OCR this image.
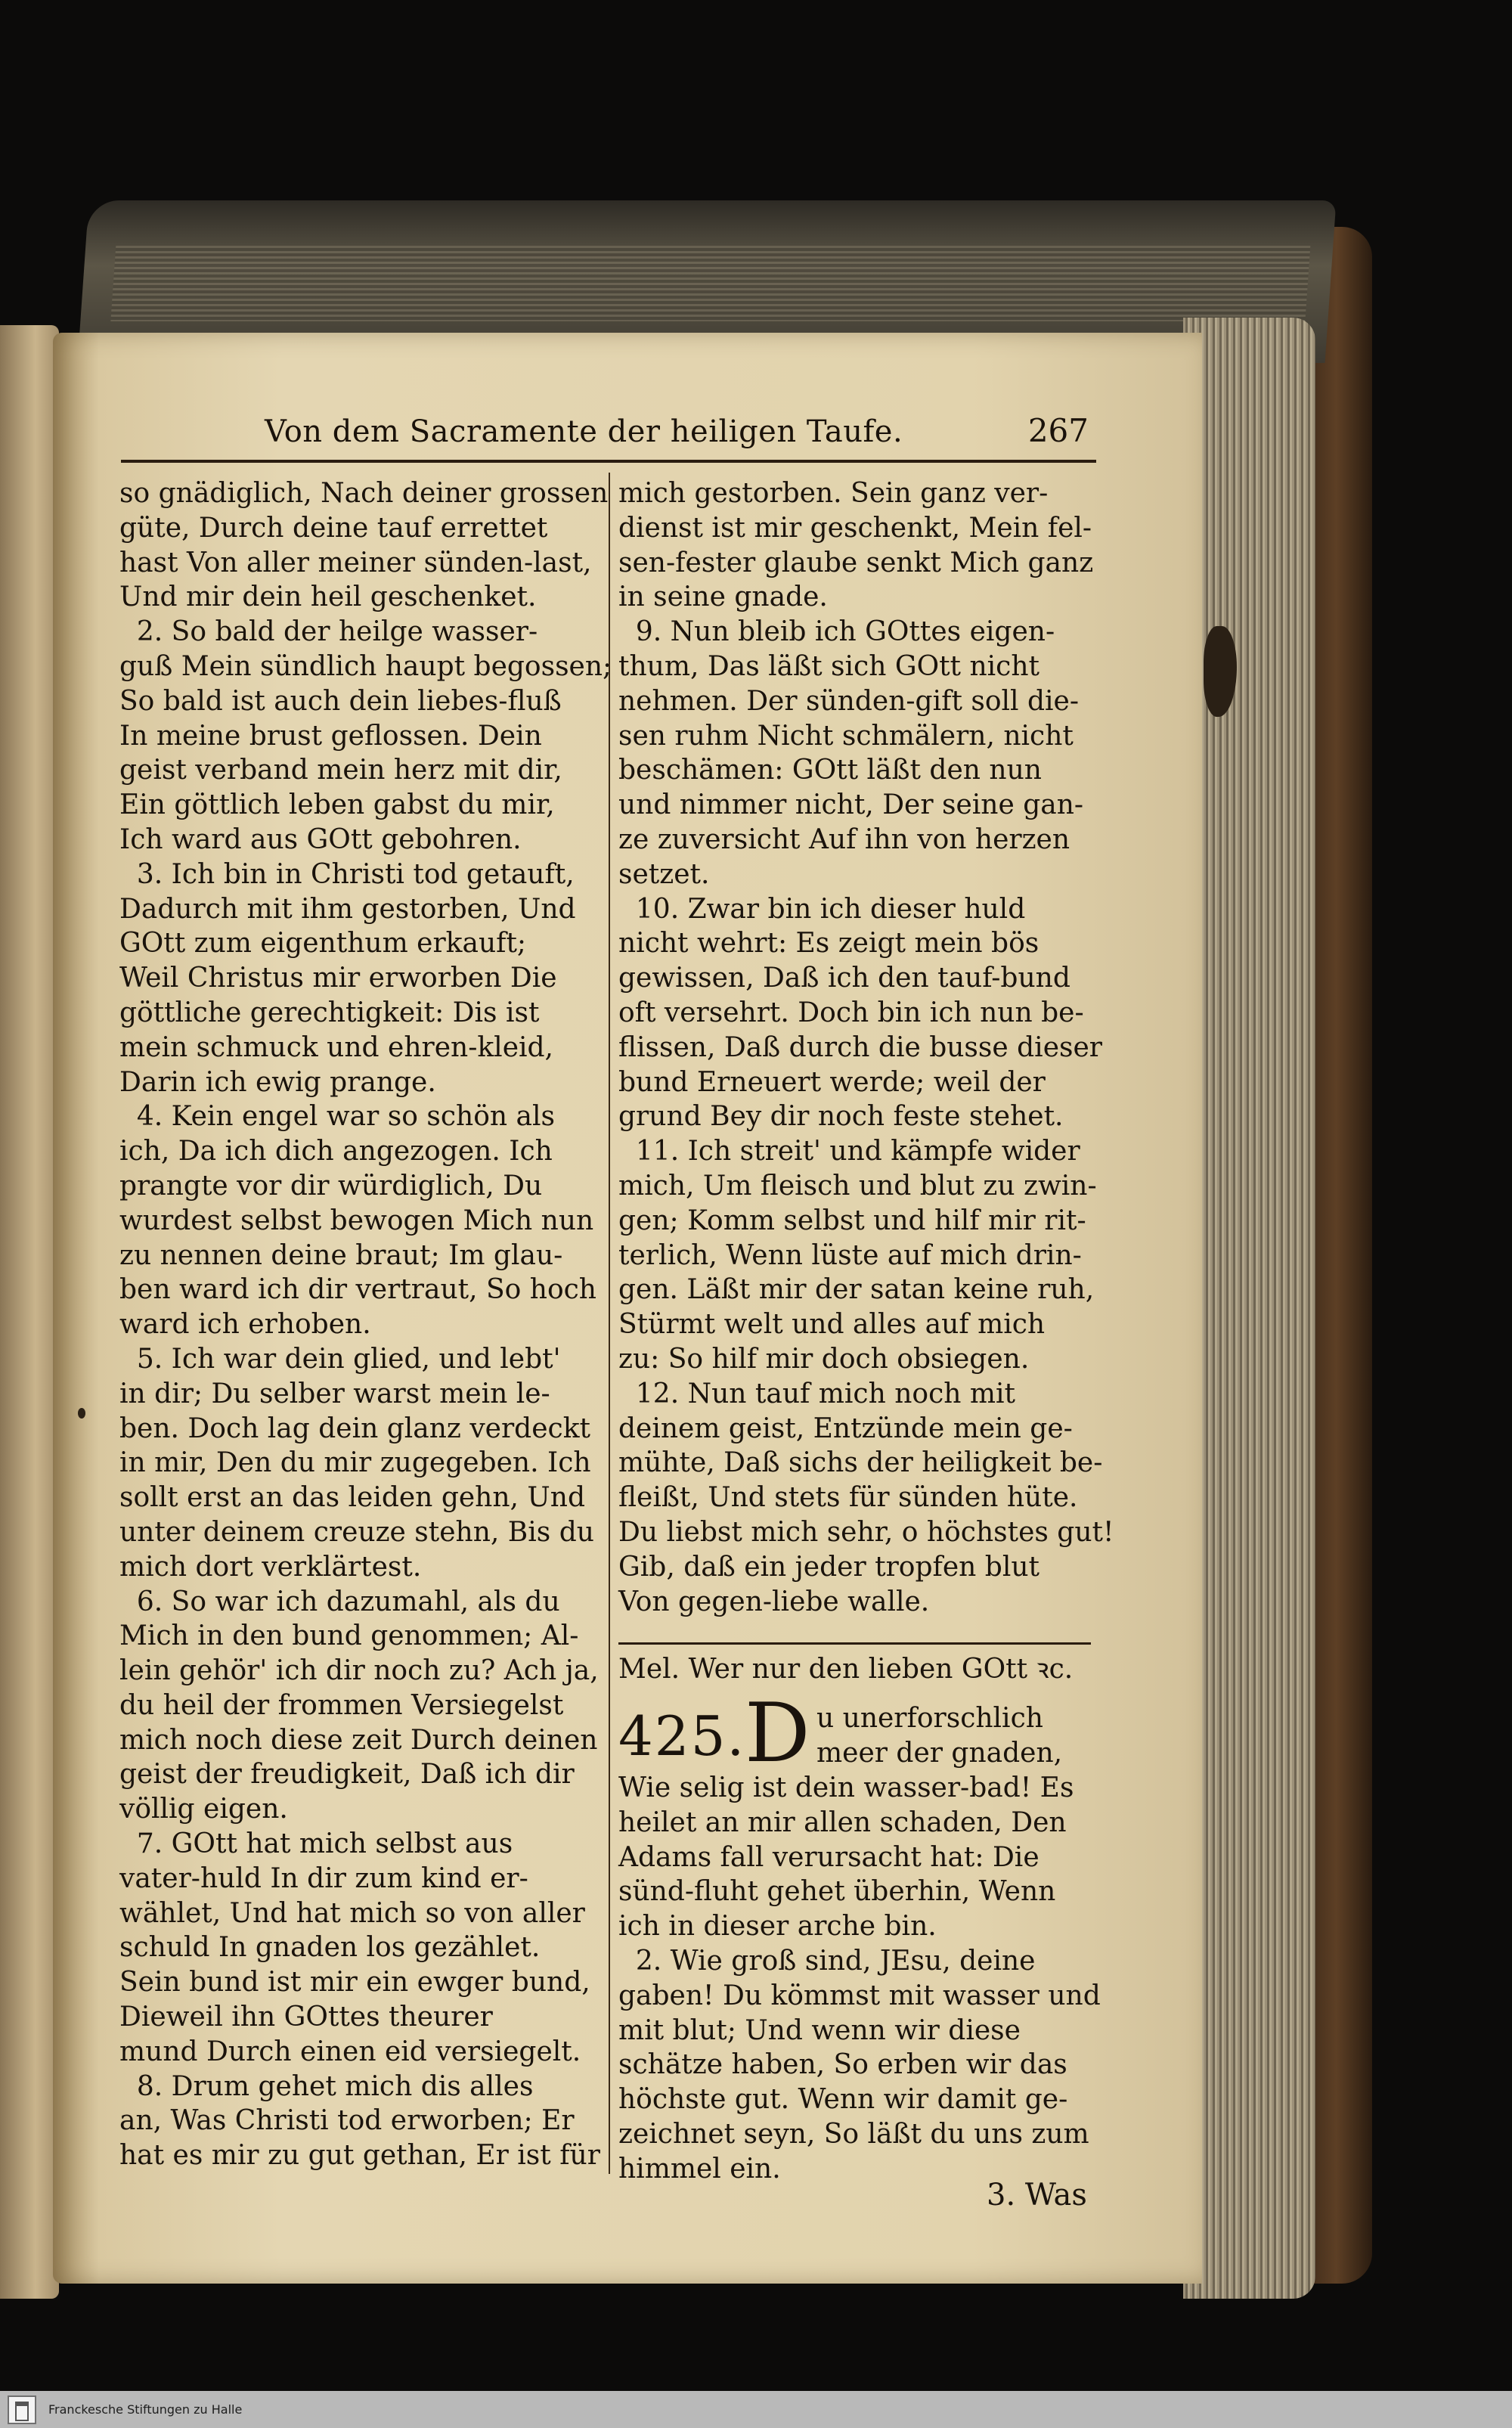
Von dem Sacramente der heiligen Taufe.	267
so gnädiglich, Nach deiner grossen
güte, Durch deine tauf errettet
hast Von aller meiner sünden-last,
Und mir dein heil geschenket.
2. So bald der heilge wasser-
guß Mein sündlich haupt begossen;
So bald ist auch dein liebes-fluß
In meine brust geflossen. Dein
geist verband mein herz mit dir,
Ein göttlich leben gabst du mir,
Ich ward aus GOtt gebohren.
3. Ich bin in Christi tod getauft,
Dadurch mit ihm gestorben, Und
GOtt zum eigenthum erkauft;
Weil Christus mir erworben Die
göttliche gerechtigkeit: Dis ist
mein schmuck und ehren-kleid,
Darin ich ewig prange.
4. Kein engel war so schön als
ich, Da ich dich angezogen. Ich
prangte vor dir würdiglich, Du
wurdest selbst bewogen Mich nun
zu nennen deine braut; Im glau-
ben ward ich dir vertraut, So hoch
ward ich erhoben.
5. Ich war dein glied, und lebt'
in dir; Du selber warst mein le-
ben. Doch lag dein glanz verdeckt
in mir, Den du mir zugegeben. Ich
sollt erst an das leiden gehn, Und
unter deinem creuze stehn, Bis du
mich dort verklärtest.
6. So war ich dazumahl, als du
Mich in den bund genommen; Al-
lein gehör' ich dir noch zu? Ach ja,
du heil der frommen Versiegelst
mich noch diese zeit Durch deinen
geist der freudigkeit, Daß ich dir
völlig eigen.
7. GOtt hat mich selbst aus
vater-huld In dir zum kind er-
wählet, Und hat mich so von aller
schuld In gnaden los gezählet.
Sein bund ist mir ein ewger bund,
Dieweil ihn GOttes theurer
mund Durch einen eid versiegelt.
8. Drum gehet mich dis alles
an, Was Christi tod erworben; Er
hat es mir zu gut gethan, Er ist für
mich gestorben. Sein ganz ver-
dienst ist mir geschenkt, Mein fel-
sen-fester glaube senkt Mich ganz
in seine gnade.
9. Nun bleib ich GOttes eigen-
thum, Das läßt sich GOtt nicht
nehmen. Der sünden-gift soll die-
sen ruhm Nicht schmälern, nicht
beschämen: GOtt läßt den nun
und nimmer nicht, Der seine gan-
ze zuversicht Auf ihn von herzen
setzet.
10. Zwar bin ich dieser huld
nicht wehrt: Es zeigt mein bös
gewissen, Daß ich den tauf-bund
oft versehrt. Doch bin ich nun be-
flissen, Daß durch die busse dieser
bund Erneuert werde; weil der
grund Bey dir noch feste stehet.
11. Ich streit' und kämpfe wider
mich, Um fleisch und blut zu zwin-
gen; Komm selbst und hilf mir rit-
terlich, Wenn lüste auf mich drin-
gen. Läßt mir der satan keine ruh,
Stürmt welt und alles auf mich
zu: So hilf mir doch obsiegen.
12. Nun tauf mich noch mit
deinem geist, Entzünde mein ge-
mühte, Daß sichs der heiligkeit be-
fleißt, Und stets für sünden hüte.
Du liebst mich sehr, o höchstes gut!
Gib, daß ein jeder tropfen blut
Von gegen-liebe walle.
Mel. Wer nur den lieben GOtt ꝛc.
425.
D u unerforschlich
meer der gnaden,
Wie selig ist dein wasser-bad! Es
heilet an mir allen schaden, Den
Adams fall verursacht hat: Die
sünd-fluht gehet überhin, Wenn
ich in dieser arche bin.
2. Wie groß sind, JEsu, deine
gaben! Du kömmst mit wasser und
mit blut; Und wenn wir diese
schätze haben, So erben wir das
höchste gut. Wenn wir damit ge-
zeichnet seyn, So läßt du uns zum
himmel ein.
3. Was
Franckesche Stiftungen zu Halle
